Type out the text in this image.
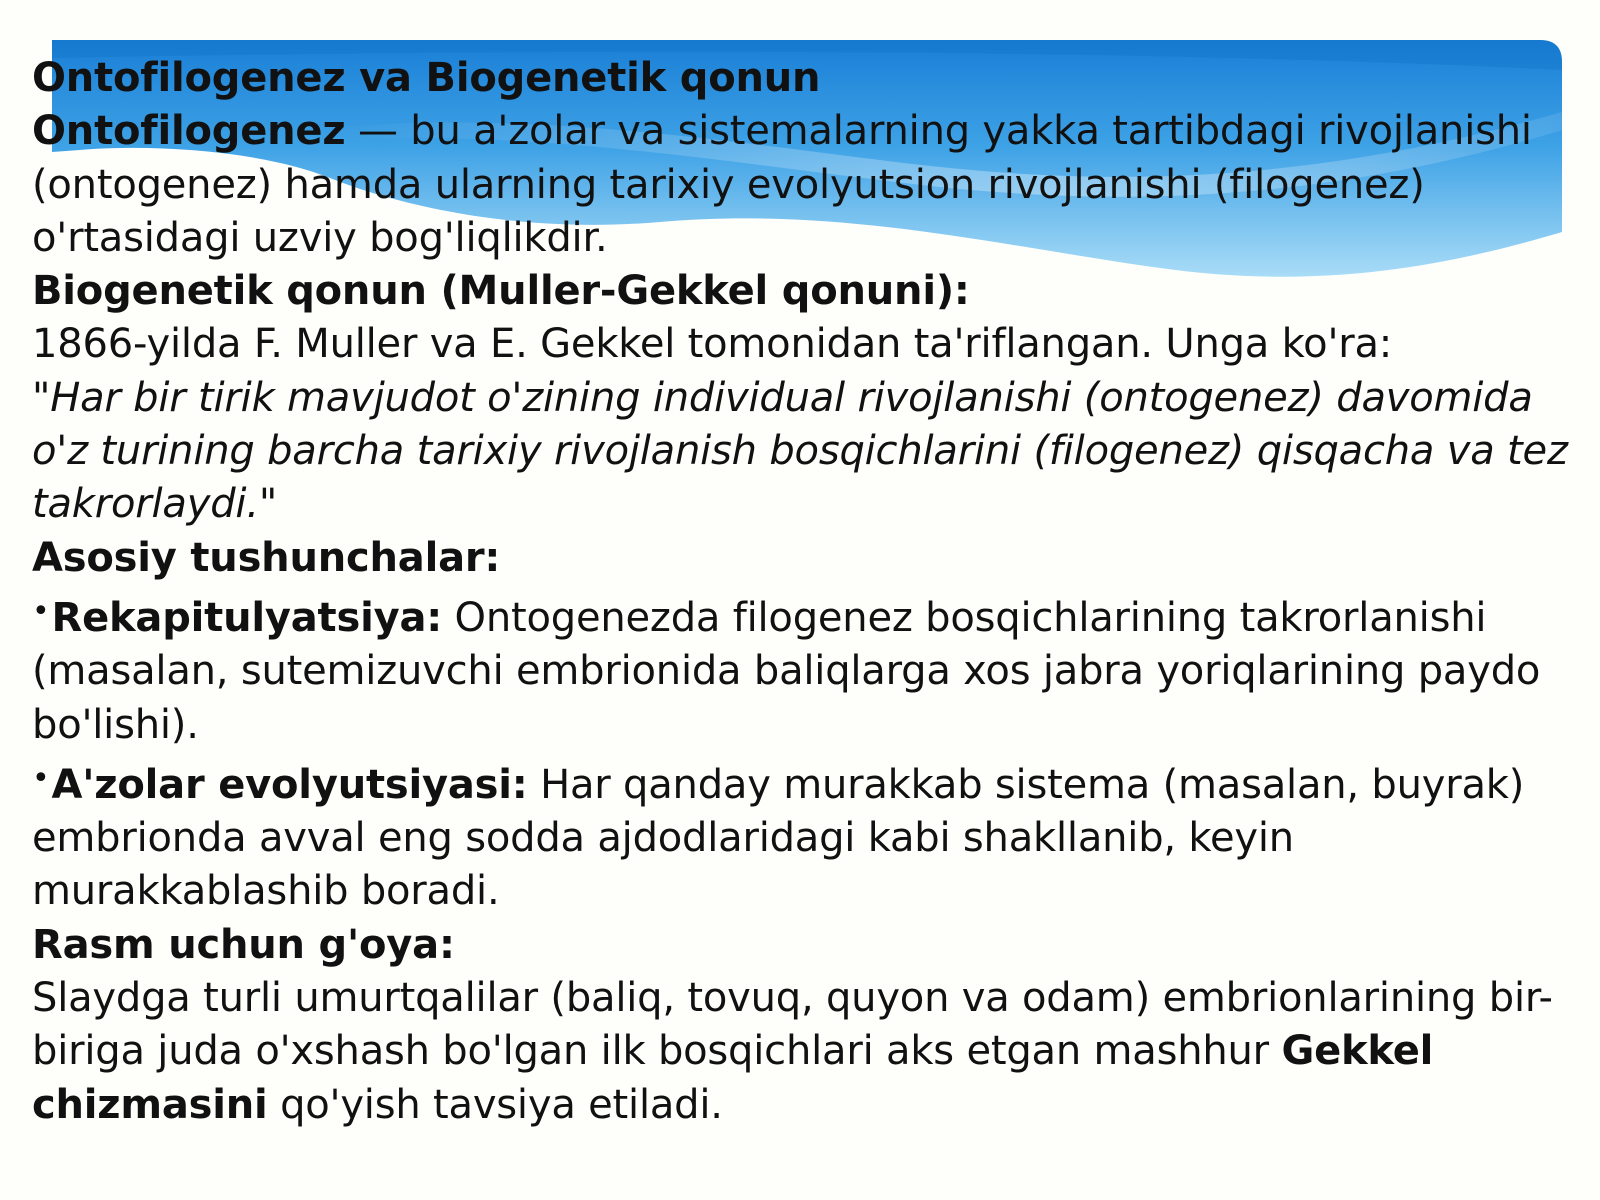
Ontofilogenez va Biogenetik qonun

Ontofilogenez — bu a'zolar va sistemalarning yakka tartibdagi rivojlanishi (ontogenez) hamda ularning tarixiy evolyutsion rivojlanishi (filogenez) o'rtasidagi uzviy bog'liqlikdir.

Biogenetik qonun (Muller-Gekkel qonuni):

1866-yilda F. Muller va E. Gekkel tomonidan ta'riflangan. Unga ko'ra:

"Har bir tirik mavjudot o'zining individual rivojlanishi (ontogenez) davomida o'z turining barcha tarixiy rivojlanish bosqichlarini (filogenez) qisqacha va tez takrorlaydi."

Asosiy tushunchalar:

•Rekapitulyatsiya: Ontogenezda filogenez bosqichlarining takrorlanishi (masalan, sutemizuvchi embrionida baliqlarga xos jabra yoriqlarining paydo bo'lishi).

•A'zolar evolyutsiyasi: Har qanday murakkab sistema (masalan, buyrak) embrionda avval eng sodda ajdodlaridagi kabi shakllanib, keyin murakkablashib boradi.

Rasm uchun g'oya:

Slaydga turli umurtqalilar (baliq, tovuq, quyon va odam) embrionlarining bir-biriga juda o'xshash bo'lgan ilk bosqichlari aks etgan mashhur Gekkel chizmasini qo'yish tavsiya etiladi.
